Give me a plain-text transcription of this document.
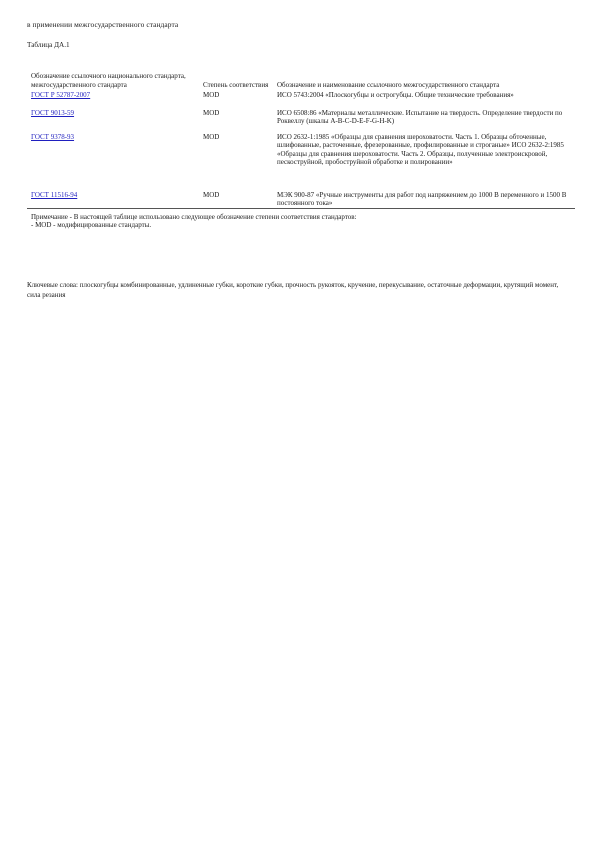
в применении межгосударственного стандарта
Таблица ДА.1
Обозначение ссылочного национального стандарта, межгосударственного стандарта	Степень соответствия	Обозначение и наименование ссылочного межгосударственного стандарта
ГОСТ Р 52787-2007	MOD	ИСО 5743:2004 «Плоскогубцы и острогубцы. Общие технические требования»
ГОСТ 9013-59	MOD	ИСО 6508:86 «Материалы металлические. Испытание на твердость. Определение твердости по Роквеллу (шкалы A-B-C-D-E-F-G-H-K)
ГОСТ 9378-93	MOD	ИСО 2632-1:1985 «Образцы для сравнения шероховатости. Часть 1. Образцы обточенные, шлифованные, расточенные, фрезерованные, профилированные и строганые» ИСО 2632-2:1985 «Образцы для сравнения шероховатости. Часть 2. Образцы, полученные электроискровой, пескоструйной, пробоструйной обработке и полировании»
ГОСТ 11516-94	MOD	МЭК 900-87 «Ручные инструменты для работ под напряжением до 1000 В переменного и 1500 В постоянного тока»

Примечание - В настоящей таблице использовано следующее обозначение степени соответствия стандартов:
- MOD - модифицированные стандарты.		
Ключевые слова: плоскогубцы комбинированные, удлиненные губки, короткие губки, прочность рукояток, кручение, перекусывание, остаточные деформации, крутящий момент, сила резания
